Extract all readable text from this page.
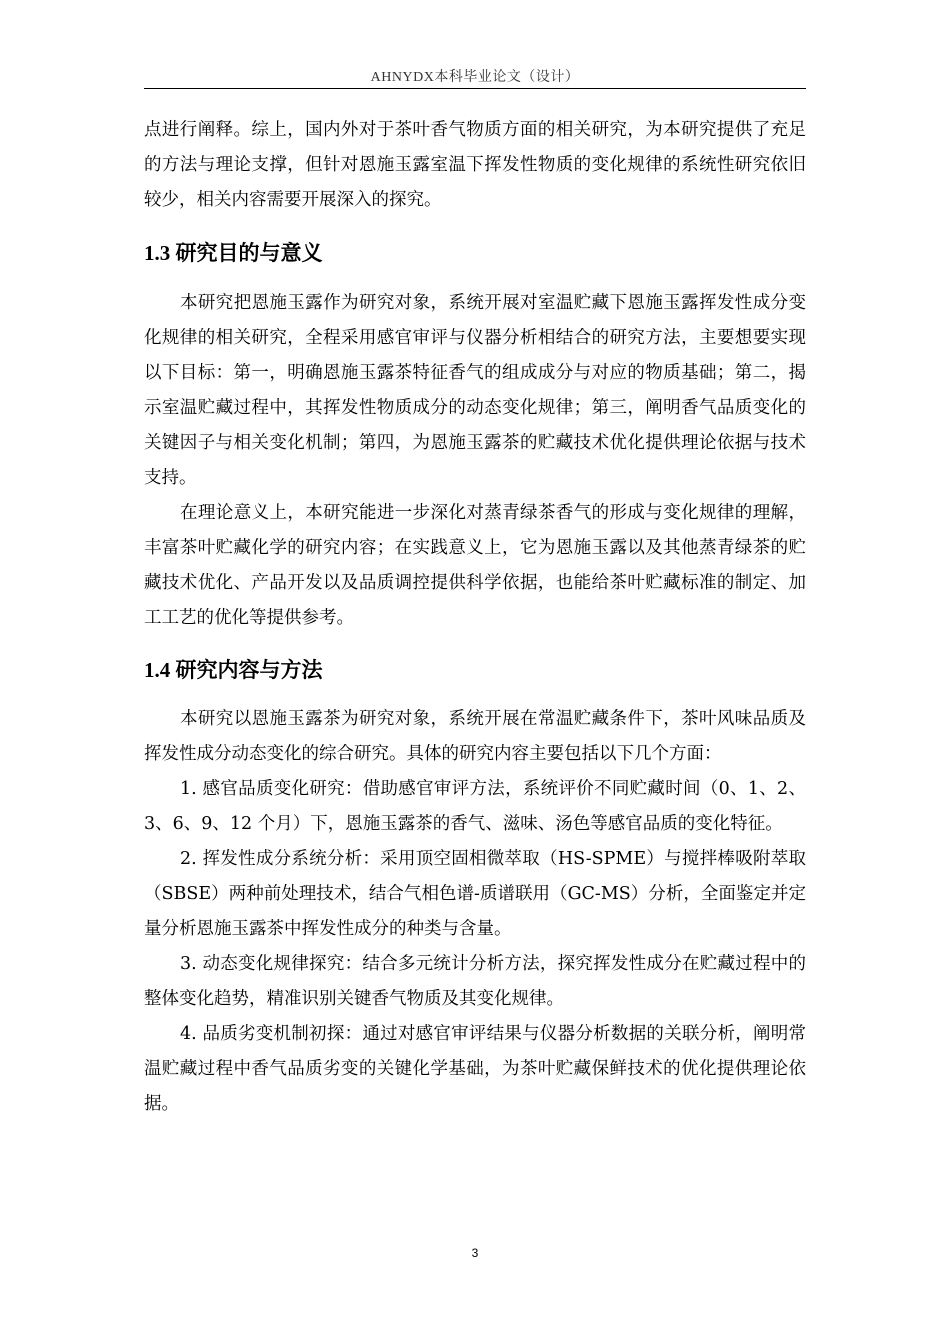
AHNYDX本科毕业论文（设计）

点进行阐释。综上，国内外对于茶叶香气物质方面的相关研究，为本研究提供了充足的方法与理论支撑，但针对恩施玉露室温下挥发性物质的变化规律的系统性研究依旧较少，相关内容需要开展深入的探究。

1.3 研究目的与意义

本研究把恩施玉露作为研究对象，系统开展对室温贮藏下恩施玉露挥发性成分变化规律的相关研究，全程采用感官审评与仪器分析相结合的研究方法，主要想要实现以下目标：第一，明确恩施玉露茶特征香气的组成成分与对应的物质基础；第二，揭示室温贮藏过程中，其挥发性物质成分的动态变化规律；第三，阐明香气品质变化的关键因子与相关变化机制；第四，为恩施玉露茶的贮藏技术优化提供理论依据与技术支持。

在理论意义上，本研究能进一步深化对蒸青绿茶香气的形成与变化规律的理解，丰富茶叶贮藏化学的研究内容；在实践意义上，它为恩施玉露以及其他蒸青绿茶的贮藏技术优化、产品开发以及品质调控提供科学依据，也能给茶叶贮藏标准的制定、加工工艺的优化等提供参考。

1.4 研究内容与方法

本研究以恩施玉露茶为研究对象，系统开展在常温贮藏条件下，茶叶风味品质及挥发性成分动态变化的综合研究。具体的研究内容主要包括以下几个方面：

1. 感官品质变化研究：借助感官审评方法，系统评价不同贮藏时间（0、1、2、3、6、9、12 个月）下，恩施玉露茶的香气、滋味、汤色等感官品质的变化特征。

2. 挥发性成分系统分析：采用顶空固相微萃取（HS-SPME）与搅拌棒吸附萃取（SBSE）两种前处理技术，结合气相色谱-质谱联用（GC-MS）分析，全面鉴定并定量分析恩施玉露茶中挥发性成分的种类与含量。

3. 动态变化规律探究：结合多元统计分析方法，探究挥发性成分在贮藏过程中的整体变化趋势，精准识别关键香气物质及其变化规律。

4. 品质劣变机制初探：通过对感官审评结果与仪器分析数据的关联分析，阐明常温贮藏过程中香气品质劣变的关键化学基础，为茶叶贮藏保鲜技术的优化提供理论依据。

3
